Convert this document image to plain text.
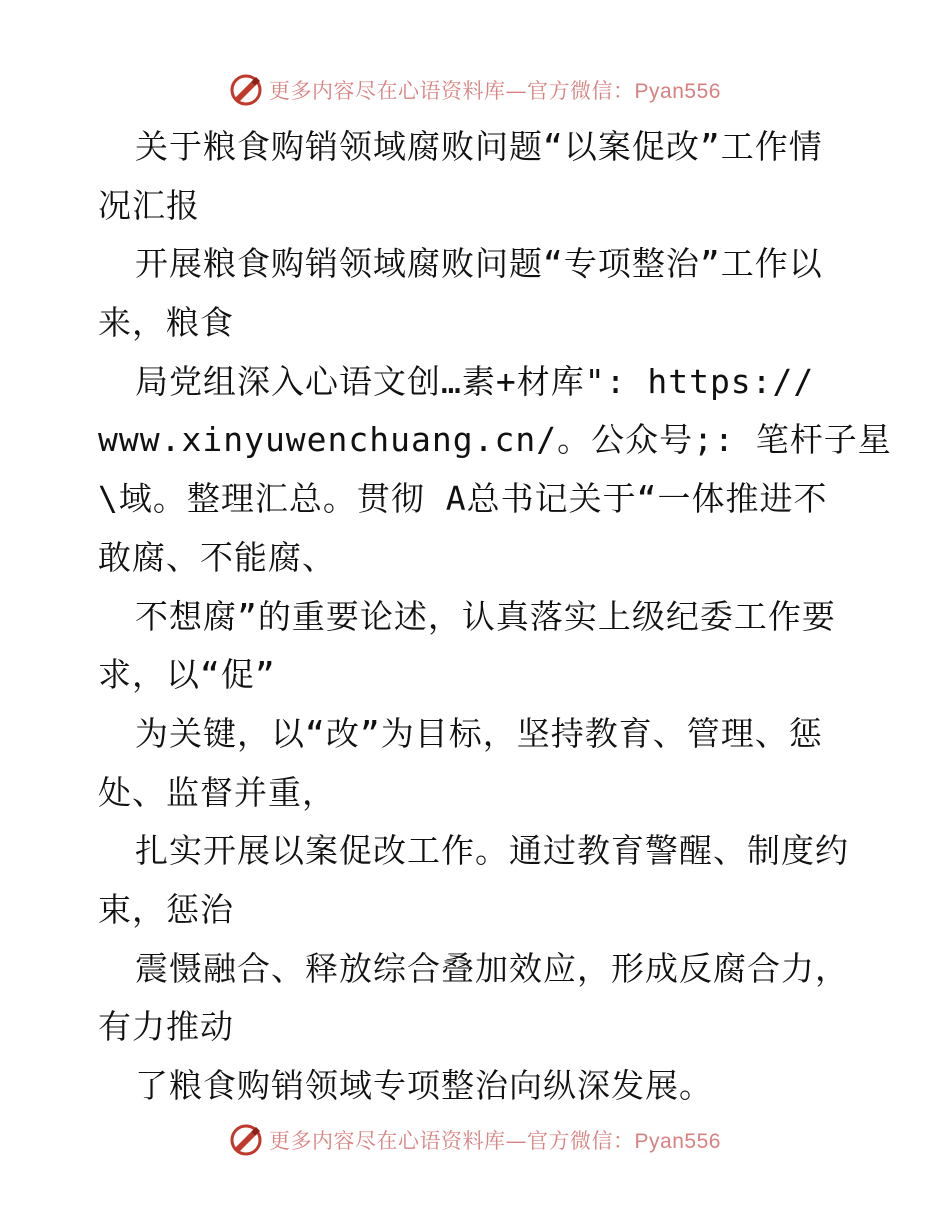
更多内容尽在心语资料库—官方微信：Pyan556
关于粮食购销领域腐败问题“以案促改”工作情
况汇报
开展粮食购销领域腐败问题“专项整治”工作以
来，粮食
局党组深入心语文创…素+材库": https://
www.xinyuwenchuang.cn/。公众号;: 笔杆子星
\域。整理汇总。贯彻 A总书记关于“一体推进不
敢腐、不能腐、
不想腐”的重要论述，认真落实上级纪委工作要
求，以“促”
为关键，以“改”为目标，坚持教育、管理、惩
处、监督并重，
扎实开展以案促改工作。通过教育警醒、制度约
束，惩治
震慑融合、释放综合叠加效应，形成反腐合力，
有力推动
了粮食购销领域专项整治向纵深发展。
更多内容尽在心语资料库—官方微信：Pyan556
